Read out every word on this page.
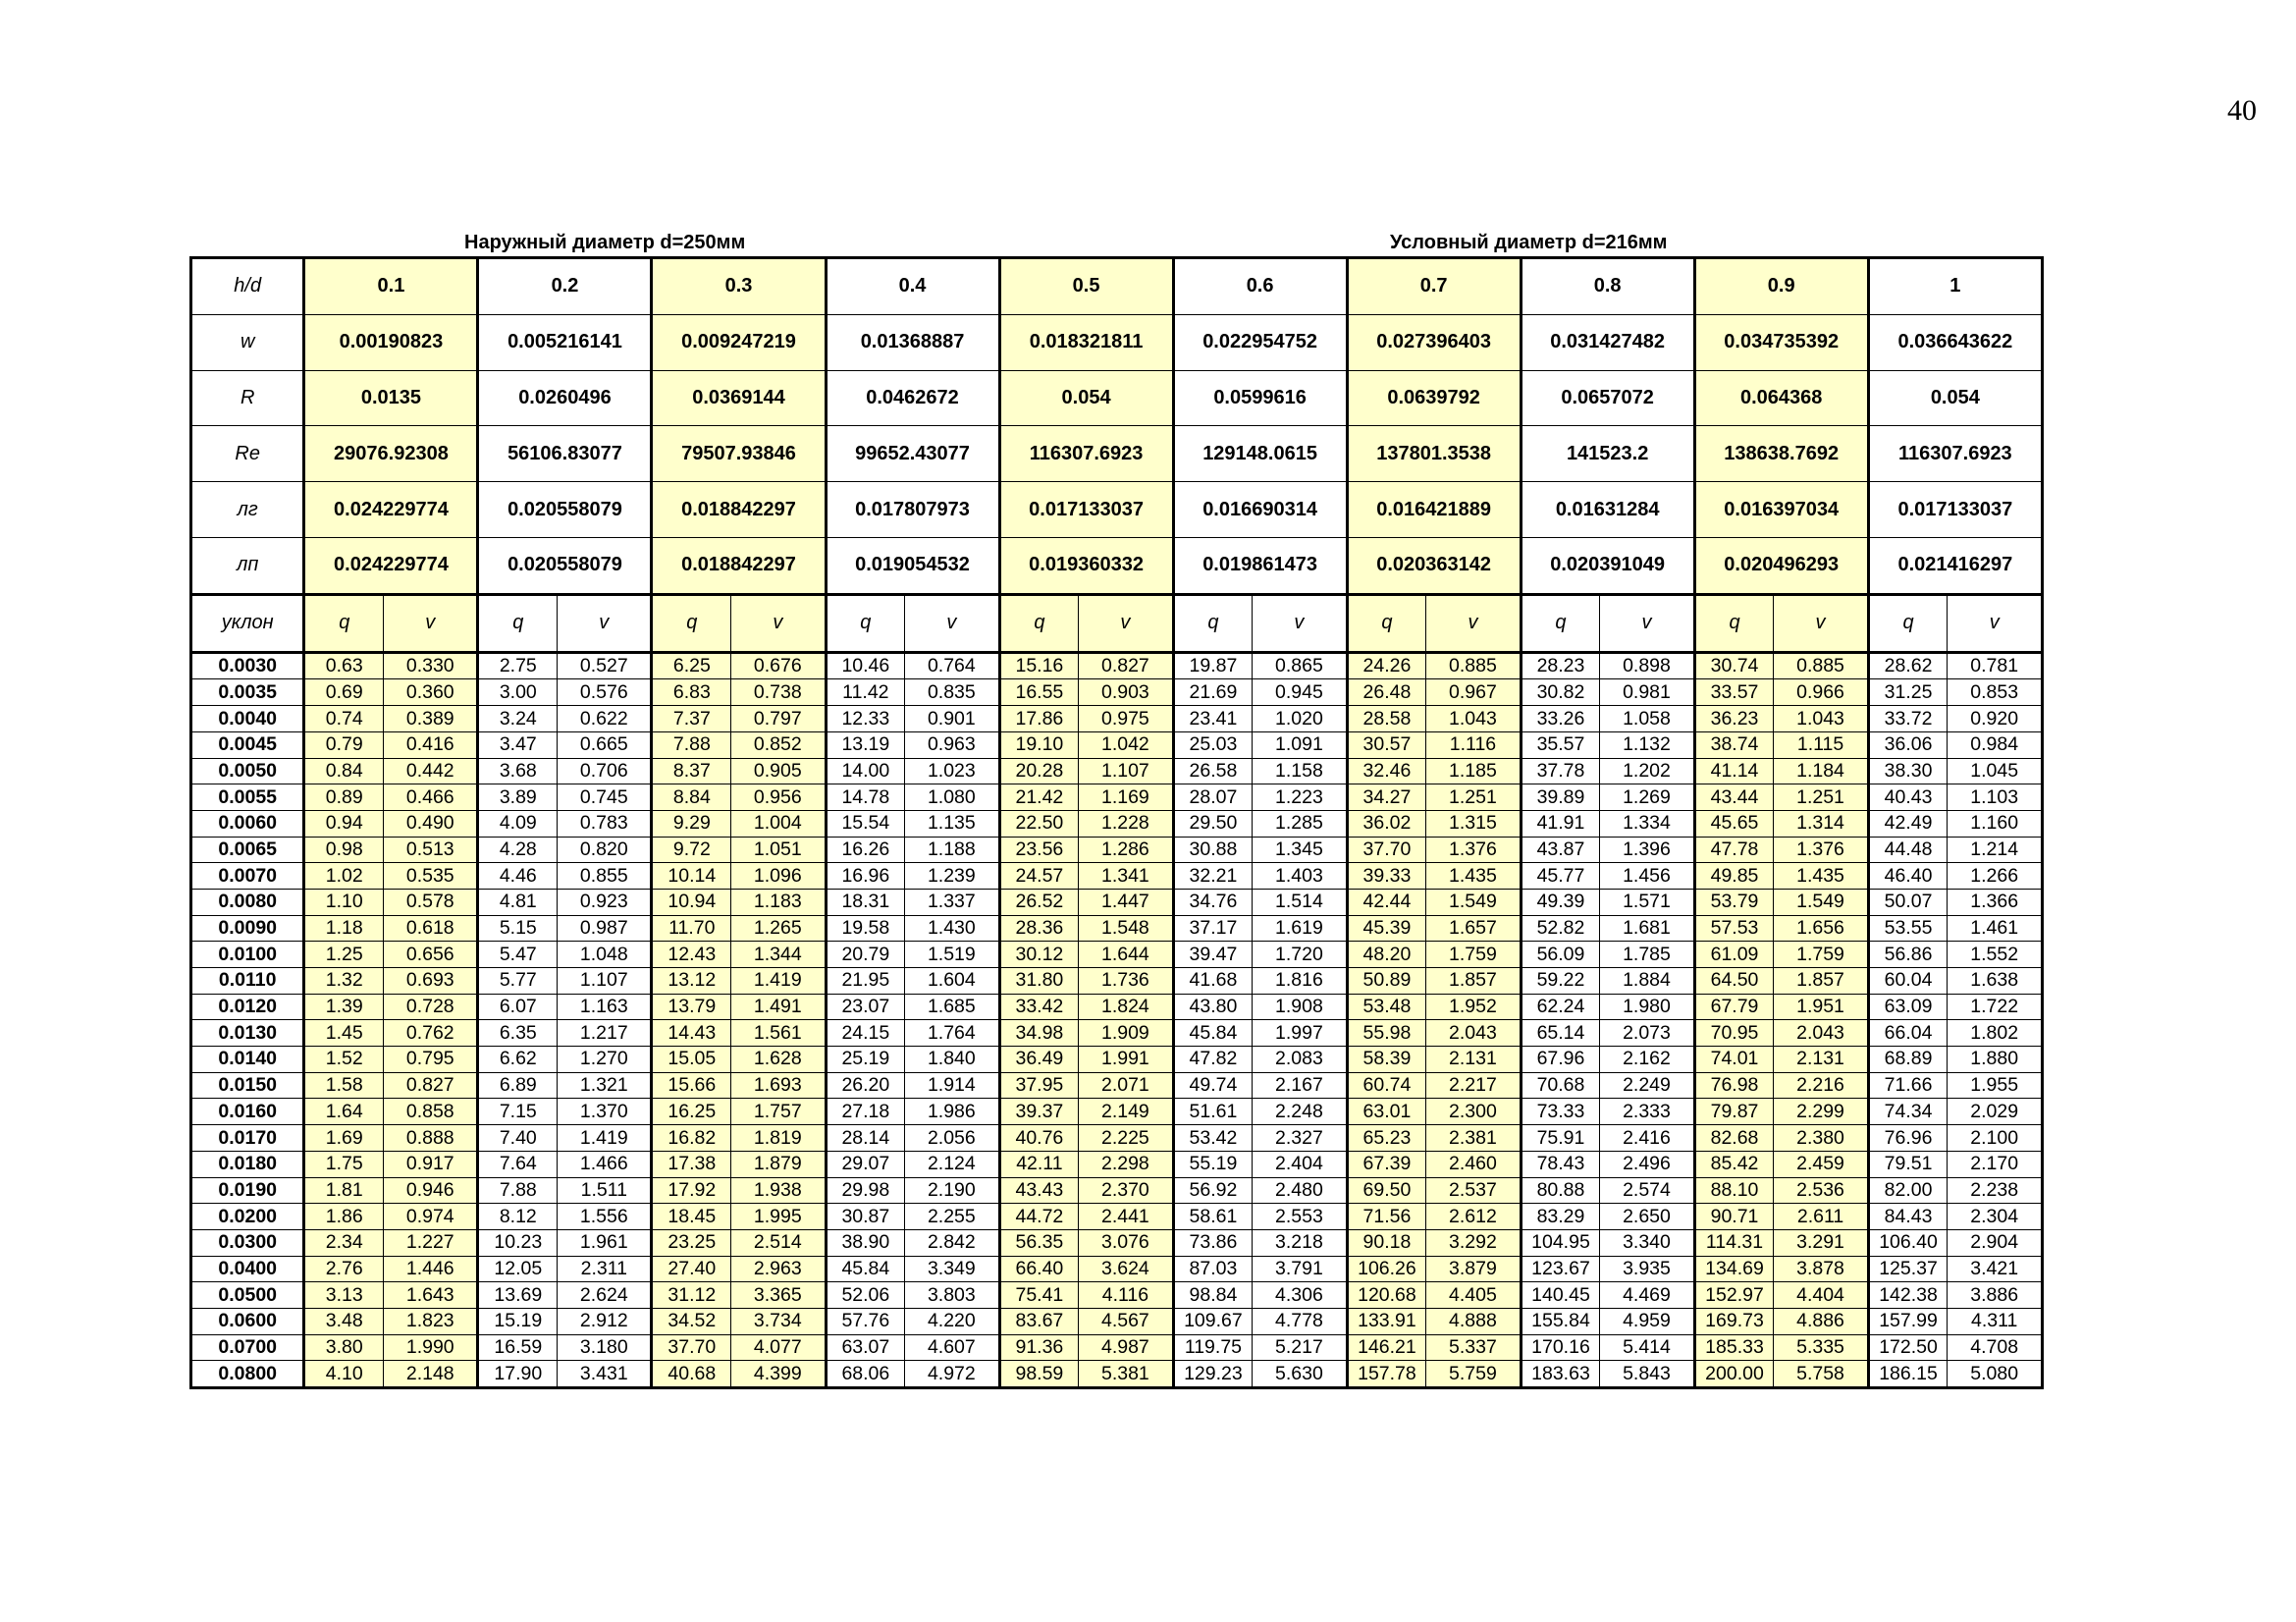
40
Наружный диаметр d=250мм	Условный диаметр d=216мм
h/d	0.1		0.2		0.3		0.4		0.5		0.6		0.7		0.8		0.9		1	
w	0.00190823		0.005216141		0.009247219		0.01368887		0.018321811		0.022954752		0.027396403		0.031427482		0.034735392		0.036643622	
R	0.0135		0.0260496		0.0369144		0.0462672		0.054		0.0599616		0.0639792		0.0657072		0.064368		0.054	
Re	29076.92308		56106.83077		79507.93846		99652.43077		116307.6923		129148.0615		137801.3538		141523.2		138638.7692		116307.6923	
лг	0.024229774		0.020558079		0.018842297		0.017807973		0.017133037		0.016690314		0.016421889		0.01631284		0.016397034		0.017133037	
лп	0.024229774		0.020558079		0.018842297		0.019054532		0.019360332		0.019861473		0.020363142		0.020391049		0.020496293		0.021416297	
уклон	q	v	q	v	q	v	q	v	q	v	q	v	q	v	q	v	q	v	q	v
0.0030	0.63	0.330	2.75	0.527	6.25	0.676	10.46	0.764	15.16	0.827	19.87	0.865	24.26	0.885	28.23	0.898	30.74	0.885	28.62	0.781
0.0035	0.69	0.360	3.00	0.576	6.83	0.738	11.42	0.835	16.55	0.903	21.69	0.945	26.48	0.967	30.82	0.981	33.57	0.966	31.25	0.853
0.0040	0.74	0.389	3.24	0.622	7.37	0.797	12.33	0.901	17.86	0.975	23.41	1.020	28.58	1.043	33.26	1.058	36.23	1.043	33.72	0.920
0.0045	0.79	0.416	3.47	0.665	7.88	0.852	13.19	0.963	19.10	1.042	25.03	1.091	30.57	1.116	35.57	1.132	38.74	1.115	36.06	0.984
0.0050	0.84	0.442	3.68	0.706	8.37	0.905	14.00	1.023	20.28	1.107	26.58	1.158	32.46	1.185	37.78	1.202	41.14	1.184	38.30	1.045
0.0055	0.89	0.466	3.89	0.745	8.84	0.956	14.78	1.080	21.42	1.169	28.07	1.223	34.27	1.251	39.89	1.269	43.44	1.251	40.43	1.103
0.0060	0.94	0.490	4.09	0.783	9.29	1.004	15.54	1.135	22.50	1.228	29.50	1.285	36.02	1.315	41.91	1.334	45.65	1.314	42.49	1.160
0.0065	0.98	0.513	4.28	0.820	9.72	1.051	16.26	1.188	23.56	1.286	30.88	1.345	37.70	1.376	43.87	1.396	47.78	1.376	44.48	1.214
0.0070	1.02	0.535	4.46	0.855	10.14	1.096	16.96	1.239	24.57	1.341	32.21	1.403	39.33	1.435	45.77	1.456	49.85	1.435	46.40	1.266
0.0080	1.10	0.578	4.81	0.923	10.94	1.183	18.31	1.337	26.52	1.447	34.76	1.514	42.44	1.549	49.39	1.571	53.79	1.549	50.07	1.366
0.0090	1.18	0.618	5.15	0.987	11.70	1.265	19.58	1.430	28.36	1.548	37.17	1.619	45.39	1.657	52.82	1.681	57.53	1.656	53.55	1.461
0.0100	1.25	0.656	5.47	1.048	12.43	1.344	20.79	1.519	30.12	1.644	39.47	1.720	48.20	1.759	56.09	1.785	61.09	1.759	56.86	1.552
0.0110	1.32	0.693	5.77	1.107	13.12	1.419	21.95	1.604	31.80	1.736	41.68	1.816	50.89	1.857	59.22	1.884	64.50	1.857	60.04	1.638
0.0120	1.39	0.728	6.07	1.163	13.79	1.491	23.07	1.685	33.42	1.824	43.80	1.908	53.48	1.952	62.24	1.980	67.79	1.951	63.09	1.722
0.0130	1.45	0.762	6.35	1.217	14.43	1.561	24.15	1.764	34.98	1.909	45.84	1.997	55.98	2.043	65.14	2.073	70.95	2.043	66.04	1.802
0.0140	1.52	0.795	6.62	1.270	15.05	1.628	25.19	1.840	36.49	1.991	47.82	2.083	58.39	2.131	67.96	2.162	74.01	2.131	68.89	1.880
0.0150	1.58	0.827	6.89	1.321	15.66	1.693	26.20	1.914	37.95	2.071	49.74	2.167	60.74	2.217	70.68	2.249	76.98	2.216	71.66	1.955
0.0160	1.64	0.858	7.15	1.370	16.25	1.757	27.18	1.986	39.37	2.149	51.61	2.248	63.01	2.300	73.33	2.333	79.87	2.299	74.34	2.029
0.0170	1.69	0.888	7.40	1.419	16.82	1.819	28.14	2.056	40.76	2.225	53.42	2.327	65.23	2.381	75.91	2.416	82.68	2.380	76.96	2.100
0.0180	1.75	0.917	7.64	1.466	17.38	1.879	29.07	2.124	42.11	2.298	55.19	2.404	67.39	2.460	78.43	2.496	85.42	2.459	79.51	2.170
0.0190	1.81	0.946	7.88	1.511	17.92	1.938	29.98	2.190	43.43	2.370	56.92	2.480	69.50	2.537	80.88	2.574	88.10	2.536	82.00	2.238
0.0200	1.86	0.974	8.12	1.556	18.45	1.995	30.87	2.255	44.72	2.441	58.61	2.553	71.56	2.612	83.29	2.650	90.71	2.611	84.43	2.304
0.0300	2.34	1.227	10.23	1.961	23.25	2.514	38.90	2.842	56.35	3.076	73.86	3.218	90.18	3.292	104.95	3.340	114.31	3.291	106.40	2.904
0.0400	2.76	1.446	12.05	2.311	27.40	2.963	45.84	3.349	66.40	3.624	87.03	3.791	106.26	3.879	123.67	3.935	134.69	3.878	125.37	3.421
0.0500	3.13	1.643	13.69	2.624	31.12	3.365	52.06	3.803	75.41	4.116	98.84	4.306	120.68	4.405	140.45	4.469	152.97	4.404	142.38	3.886
0.0600	3.48	1.823	15.19	2.912	34.52	3.734	57.76	4.220	83.67	4.567	109.67	4.778	133.91	4.888	155.84	4.959	169.73	4.886	157.99	4.311
0.0700	3.80	1.990	16.59	3.180	37.70	4.077	63.07	4.607	91.36	4.987	119.75	5.217	146.21	5.337	170.16	5.414	185.33	5.335	172.50	4.708
0.0800	4.10	2.148	17.90	3.431	40.68	4.399	68.06	4.972	98.59	5.381	129.23	5.630	157.78	5.759	183.63	5.843	200.00	5.758	186.15	5.080
